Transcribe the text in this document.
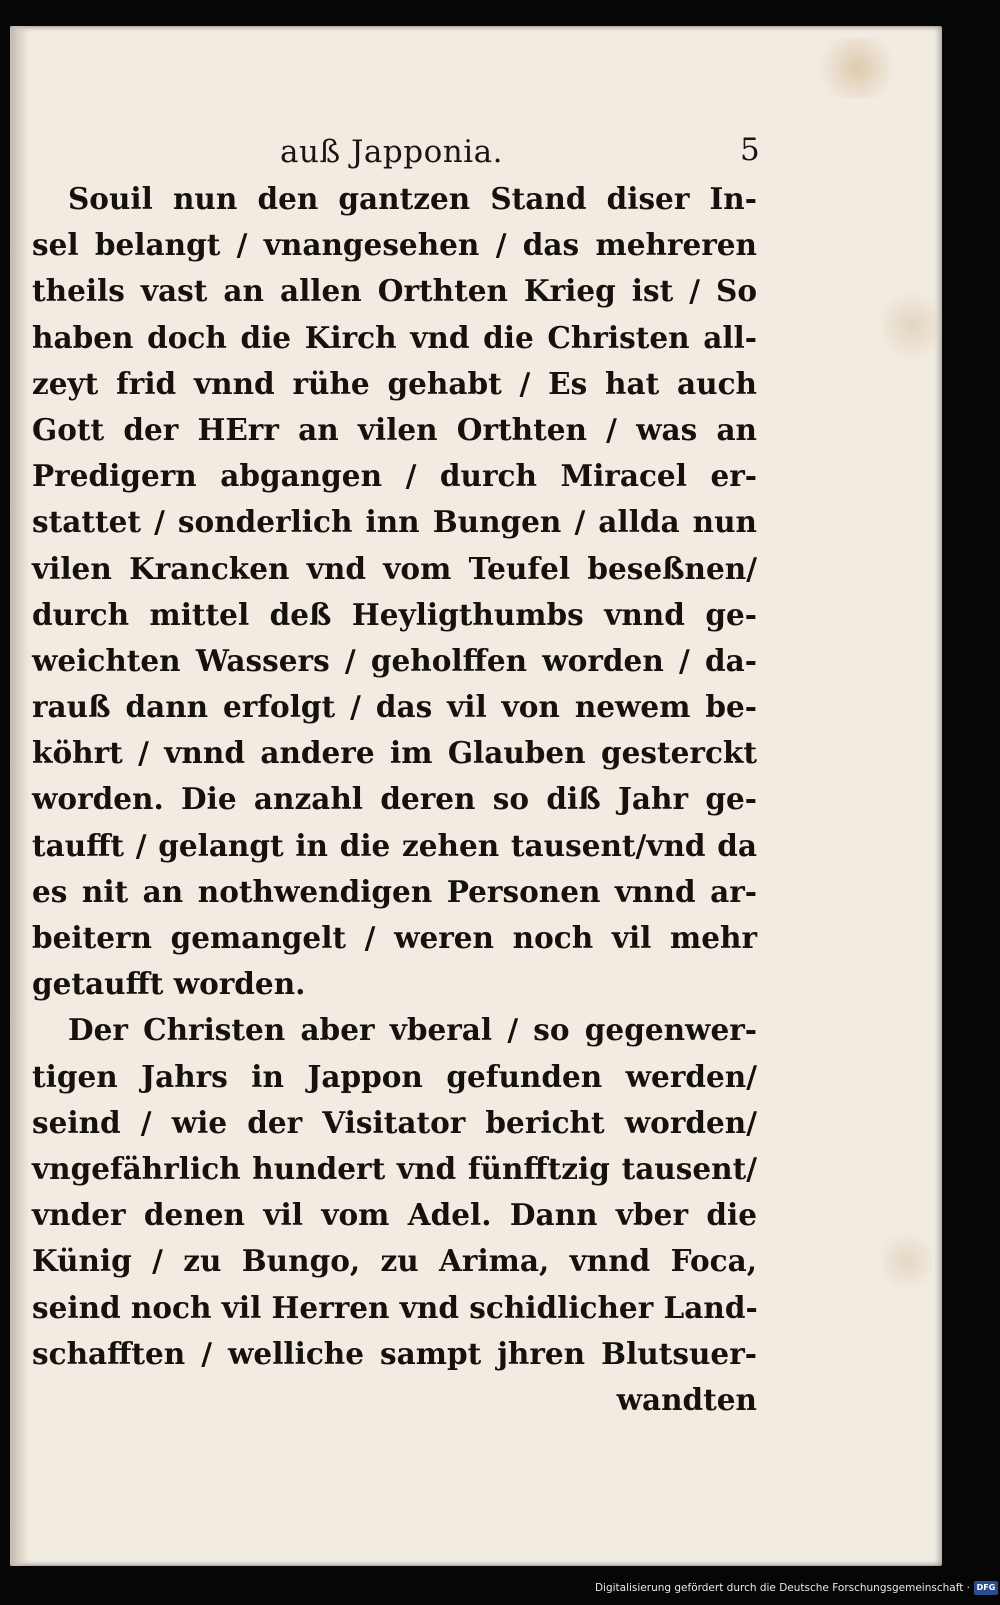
auß Japponia.	5
Souil nun den gantzen Stand diser In-
sel belangt / vnangesehen / das mehreren
theils vast an allen Orthten Krieg ist / So
haben doch die Kirch vnd die Christen all-
zeyt frid vnnd rühe gehabt / Es hat auch
Gott der HErr an vilen Orthten / was an
Predigern abgangen / durch Miracel er-
stattet / sonderlich inn Bungen / allda nun
vilen Krancken vnd vom Teufel beseßnen/
durch mittel deß Heyligthumbs vnnd ge-
weichten Wassers / geholffen worden / da-
rauß dann erfolgt / das vil von newem be-
köhrt / vnnd andere im Glauben gesterckt
worden. Die anzahl deren so diß Jahr ge-
taufft / gelangt in die zehen tausent/vnd da
es nit an nothwendigen Personen vnnd ar-
beitern gemangelt / weren noch vil mehr
getaufft worden.
Der Christen aber vberal / so gegenwer-
tigen Jahrs in Jappon gefunden werden/
seind / wie der Visitator bericht worden/
vngefährlich hundert vnd fünfftzig tausent/
vnder denen vil vom Adel. Dann vber die
Künig / zu Bungo, zu Arima, vnnd Foca,
seind noch vil Herren vnd schidlicher Land-
schafften / welliche sampt jhren Blutsuer-
wandten
Digitalisierung gefördert durch die Deutsche Forschungsgemeinschaft · DFG
